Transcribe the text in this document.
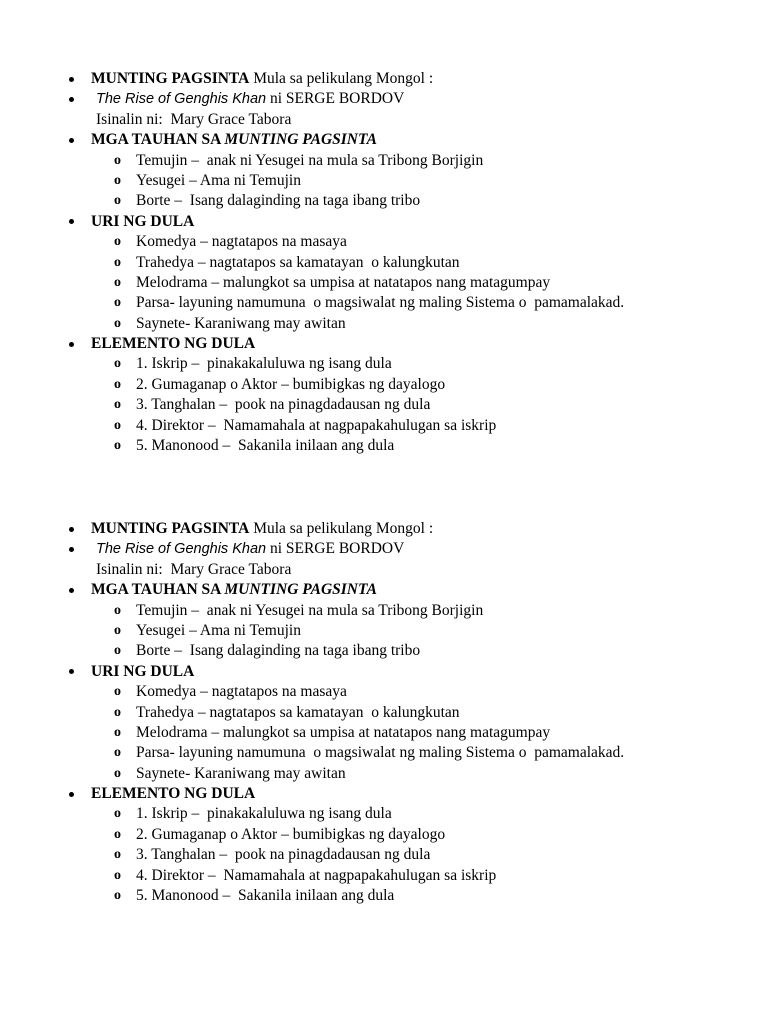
MUNTING PAGSINTA Mula sa pelikulang Mongol :
The Rise of Genghis Khan ni SERGE BORDOV
Isinalin ni:  Mary Grace Tabora
MGA TAUHAN SA MUNTING PAGSINTA
o Temujin –  anak ni Yesugei na mula sa Tribong Borjigin
o Yesugei – Ama ni Temujin
o Borte –  Isang dalaginding na taga ibang tribo
URI NG DULA
o Komedya – nagtatapos na masaya
o Trahedya – nagtatapos sa kamatayan  o kalungkutan
o Melodrama – malungkot sa umpisa at natatapos nang matagumpay
o Parsa- layuning namumuna  o magsiwalat ng maling Sistema o  pamamalakad.
o Saynete- Karaniwang may awitan
ELEMENTO NG DULA
o 1. Iskrip –  pinakakaluluwa ng isang dula
o 2. Gumaganap o Aktor – bumibigkas ng dayalogo
o 3. Tanghalan –  pook na pinagdadausan ng dula
o 4. Direktor –  Namamahala at nagpapakahulugan sa iskrip
o 5. Manonood –  Sakanila inilaan ang dula
MUNTING PAGSINTA Mula sa pelikulang Mongol :
The Rise of Genghis Khan ni SERGE BORDOV
Isinalin ni:  Mary Grace Tabora
MGA TAUHAN SA MUNTING PAGSINTA
o Temujin –  anak ni Yesugei na mula sa Tribong Borjigin
o Yesugei – Ama ni Temujin
o Borte –  Isang dalaginding na taga ibang tribo
URI NG DULA
o Komedya – nagtatapos na masaya
o Trahedya – nagtatapos sa kamatayan  o kalungkutan
o Melodrama – malungkot sa umpisa at natatapos nang matagumpay
o Parsa- layuning namumuna  o magsiwalat ng maling Sistema o  pamamalakad.
o Saynete- Karaniwang may awitan
ELEMENTO NG DULA
o 1. Iskrip –  pinakakaluluwa ng isang dula
o 2. Gumaganap o Aktor – bumibigkas ng dayalogo
o 3. Tanghalan –  pook na pinagdadausan ng dula
o 4. Direktor –  Namamahala at nagpapakahulugan sa iskrip
o 5. Manonood –  Sakanila inilaan ang dula
